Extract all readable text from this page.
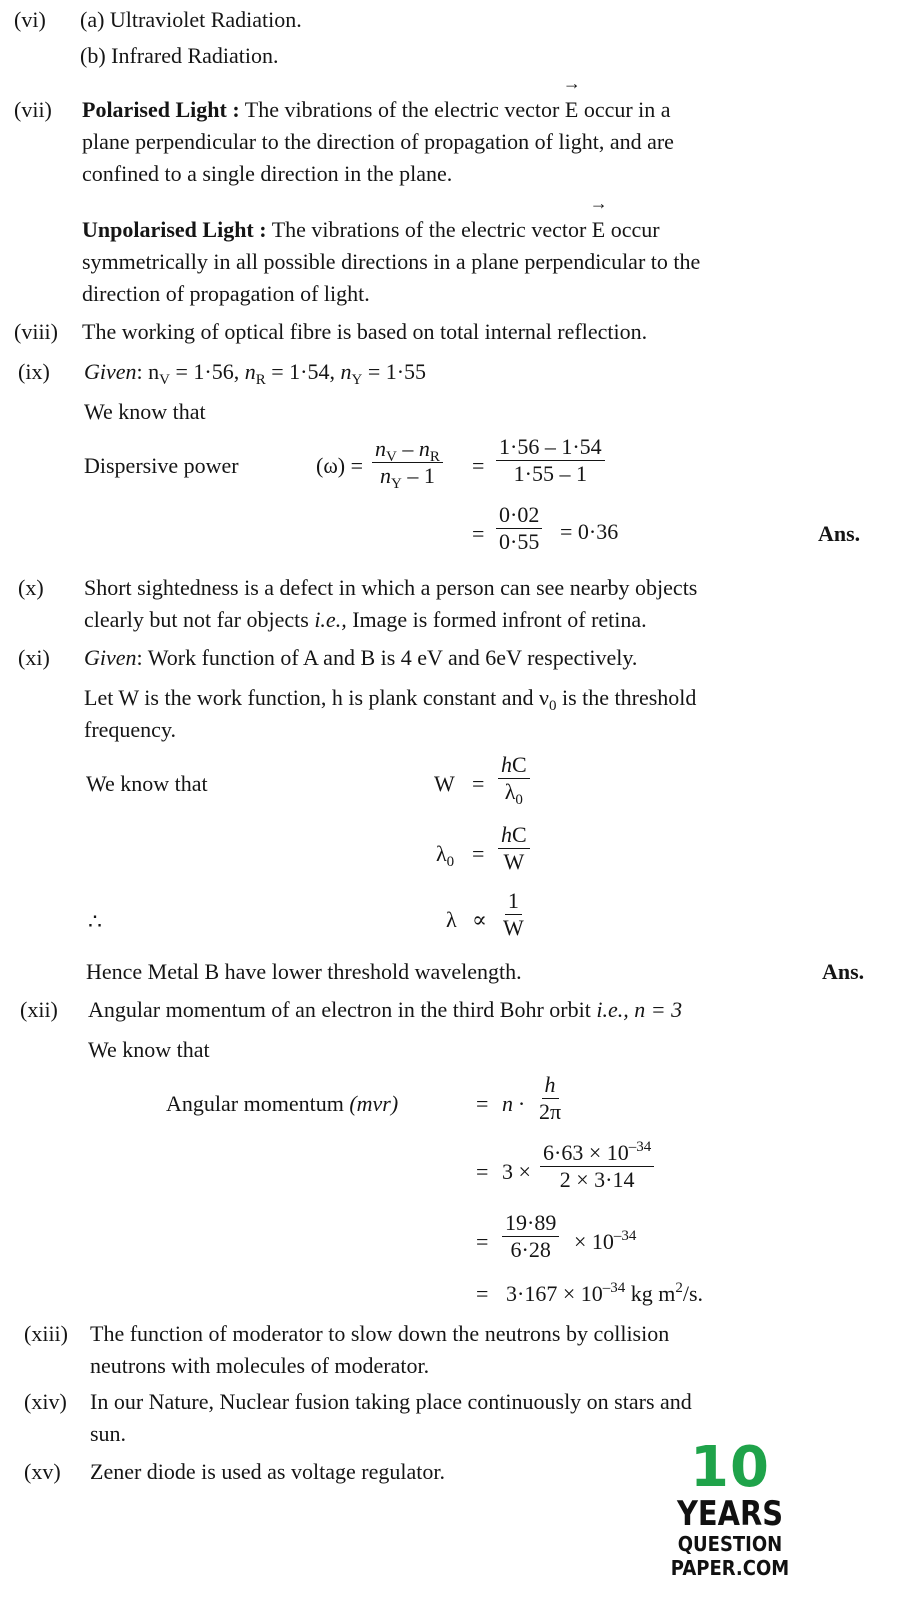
(vi) (a) Ultraviolet Radiation.
(b) Infrared Radiation.
(vii) Polarised Light : The vibrations of the electric vector
→
E occur in a
plane perpendicular to the direction of propagation of light, and are
confined to a single direction in the plane.
Unpolarised Light : The vibrations of the electric vector
→
E occur
symmetrically in all possible directions in a plane perpendicular to the
direction of propagation of light.
(viii) The working of optical fibre is based on total internal reflection.
(ix) Given: $n_V = 1\cdot 56$, $n_R = 1\cdot 54$, $n_Y = 1\cdot 55$
We know that
Dispersive power	$(\omega) = \frac{n_V - n_R}{n_Y - 1} = \frac{1\cdot 56 - 1\cdot 54}{1\cdot 55 - 1}$
= $\frac{0\cdot 02}{0\cdot 55} = 0\cdot 36$	Ans.
(x) Short sightedness is a defect in which a person can see nearby objects
clearly but not far objects i.e., Image is formed infront of retina.
(xi) Given: Work function of A and B is 4 eV and 6eV respectively.
Let W is the work function, h is plank constant and $\nu_0$ is the threshold
frequency.
We know that	$W = \frac{hC}{\lambda_0}$
$\lambda_0 = \frac{hC}{W}$
∴	$\lambda \propto \frac{1}{W}$
Hence Metal B have lower threshold wavelength.	Ans.
(xii) Angular momentum of an electron in the third Bohr orbit i.e., n = 3
We know that
Angular momentum (mvr)	= $n \cdot \frac{h}{2\pi}$
= $3 \times \frac{6\cdot 63 \times 10^{-34}}{2 \times 3\cdot 14}$
= $\frac{19\cdot 89}{6\cdot 28} \times 10^{-34}$
= $3\cdot 167 \times 10^{-34}$ kg $m^2/s$.
(xiii) The function of moderator to slow down the neutrons by collision
neutrons with molecules of moderator.
(xiv) In our Nature, Nuclear fusion taking place continuously on stars and
sun.
(xv) Zener diode is used as voltage regulator.	10
YEARS
QUESTION PAPER.COM
